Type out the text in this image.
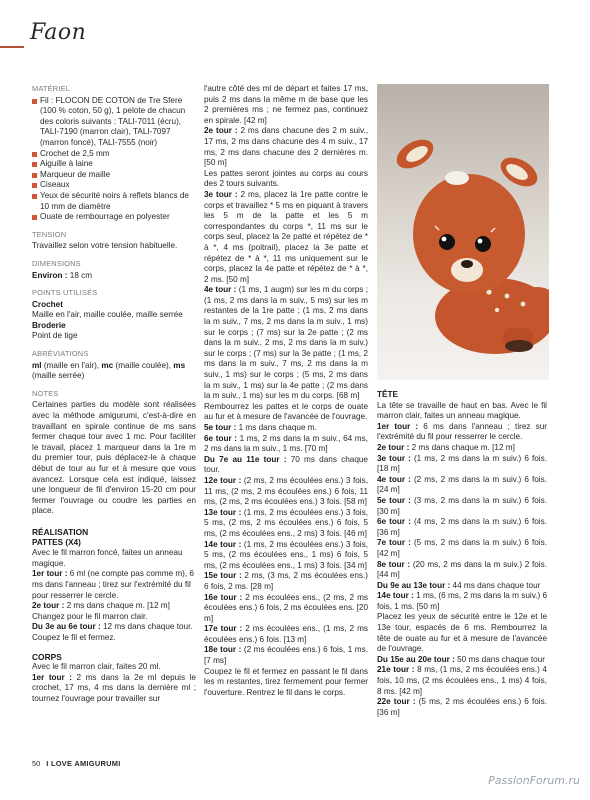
Faon
MATÉRIEL
Fil : FLOCON DE COTON de Tre Sfere (100 % coton, 50 g), 1 pelote de chacun des coloris suivants : TALI-7011 (écru), TALI-7190 (marron clair), TALI-7097 (marron foncé), TALI-7555 (noir)
Crochet de 2,5 mm
Aiguille à laine
Marqueur de maille
Ciseaux
Yeux de sécurité noirs à reflets blancs de 10 mm de diamètre
Ouate de rembourrage en polyester
TENSION
Travaillez selon votre tension habituelle.
DIMENSIONS
Environ : 18 cm
POINTS UTILISÉS
Crochet
Maille en l'air, maille coulée, maille serrée
Broderie
Point de tige
ABRÉVIATIONS
ml (maille en l'air), mc (maille coulée), ms (maille serrée)
NOTES
Certaines parties du modèle sont réalisées avec la méthode amigurumi, c'est-à-dire en travaillant en spirale continue de ms sans fermer chaque tour avec 1 mc. Pour faciliter le travail, placez 1 marqueur dans la 1re m du premier tour, puis déplacez-le à chaque début de tour au fur et à mesure que vous avancez. Lorsque cela est indiqué, laissez une longueur de fil d'environ 15-20 cm pour fermer l'ouvrage ou coudre les parties en place.
RÉALISATION
PATTES (X4)
Avec le fil marron foncé, faites un anneau magique.
1er tour : 6 ml (ne compte pas comme m), 6 ms dans l'anneau ; tirez sur l'extrémité du fil pour resserrer le cercle.
2e tour : 2 ms dans chaque m. [12 m]
Changez pour le fil marron clair.
Du 3e au 6e tour : 12 ms dans chaque tour. Coupez le fil et fermez.
CORPS
Avec le fil marron clair, faites 20 ml.
1er tour : 2 ms dans la 2e ml depuis le crochet, 17 ms, 4 ms dans la dernière ml ; tournez l'ouvrage pour travailler sur
l'autre côté des ml de départ et faites 17 ms, puis 2 ms dans la même m de base que les 2 premières ms ; ne fermez pas, continuez en spirale. [42 m]
2e tour : 2 ms dans chacune des 2 m suiv., 17 ms, 2 ms dans chacune des 4 m suiv., 17 ms, 2 ms dans chacune des 2 dernières m. [50 m]
Les pattes seront jointes au corps au cours des 2 tours suivants.
3e tour : 2 ms, placez la 1re patte contre le corps et travaillez * 5 ms en piquant à travers les 5 m de la patte et les 5 m correspondantes du corps *, 11 ms sur le corps seul, placez la 2e patte et répétez de * à *, 4 ms (poitrail), placez la 3e patte et répétez de * à *, 11 ms uniquement sur le corps, placez la 4e patte et répétez de * à *, 2 ms. [50 m]
4e tour : (1 ms, 1 augm) sur les m du corps ; (1 ms, 2 ms dans la m suiv., 5 ms) sur les m restantes de la 1re patte ; (1 ms, 2 ms dans la m suiv., 7 ms, 2 ms dans la m suiv., 1 ms) sur le corps ; (7 ms) sur la 2e patte ; (2 ms dans la m suiv., 2 ms, 2 ms dans la m suiv.) sur le corps ; (7 ms) sur la 3e patte ; (1 ms, 2 ms dans la m suiv., 7 ms, 2 ms dans la m suiv., 1 ms) sur le corps ; (5 ms, 2 ms dans la m suiv., 1 ms) sur la 4e patte ; (2 ms dans la m suiv., 1 ms) sur les m du corps. [68 m]
Rembourrez les pattes et le corps de ouate au fur et à mesure de l'avancée de l'ouvrage.
5e tour : 1 ms dans chaque m.
6e tour : 1 ms, 2 ms dans la m suiv., 64 ms, 2 ms dans la m suiv., 1 ms. [70 m]
Du 7e au 11e tour : 70 ms dans chaque tour.
12e tour : (2 ms, 2 ms écoulées ens.) 3 fois, 11 ms, (2 ms, 2 ms écoulées ens.) 6 fois, 11 ms, (2 ms, 2 ms écoulées ens.) 3 fois. [58 m]
13e tour : (1 ms, 2 ms écoulées ens.) 3 fois, 5 ms, (2 ms, 2 ms écoulées ens.) 6 fois, 5 ms, (2 ms écoulées ens., 2 ms) 3 fois. [46 m]
14e tour : (1 ms, 2 ms écoulées ens.) 3 fois, 5 ms, (2 ms écoulées ens., 1 ms) 6 fois, 5 ms, (2 ms écoulées ens., 1 ms) 3 fois. [34 m]
15e tour : 2 ms, (3 ms, 2 ms écoulées ens.) 6 fois, 2 ms. [28 m]
16e tour : 2 ms écoulées ens., (2 ms, 2 ms écoulées ens.) 6 fois, 2 ms écoulées ens. [20 m]
17e tour : 2 ms écoulées ens., (1 ms, 2 ms écoulées ens.) 6 fois. [13 m]
18e tour : (2 ms écoulées ens.) 6 fois, 1 ms. [7 ms]
Coupez le fil et fermez en passant le fil dans les m restantes, tirez fermement pour fermer l'ouverture. Rentrez le fil dans le corps.
TÊTE
La tête se travaille de haut en bas. Avec le fil marron clair, faites un anneau magique.
1er tour : 6 ms dans l'anneau ; tirez sur l'extrémité du fil pour resserrer le cercle.
2e tour : 2 ms dans chaque m. [12 m]
3e tour : (1 ms, 2 ms dans la m suiv.) 6 fois. [18 m]
4e tour : (2 ms, 2 ms dans la m suiv.) 6 fois. [24 m]
5e tour : (3 ms, 2 ms dans la m suiv.) 6 fois. [30 m]
6e tour : (4 ms, 2 ms dans la m suiv.) 6 fois. [36 m]
7e tour : (5 ms, 2 ms dans la m suiv.) 6 fois. [42 m]
8e tour : (20 ms, 2 ms dans la m suiv.) 2 fois. [44 m]
Du 9e au 13e tour : 44 ms dans chaque tour
14e tour : 1 ms, (6 ms, 2 ms dans la m suiv.) 6 fois, 1 ms. [50 m]
Placez les yeux de sécurité entre le 12e et le 13e tour, espacés de 6 ms. Rembourrez la tête de ouate au fur et à mesure de l'avancée de l'ouvrage.
Du 15e au 20e tour : 50 ms dans chaque tour
21e tour : 8 ms, (1 ms, 2 ms écoulées ens.) 4 fois, 10 ms, (2 ms écoulées ens., 1 ms) 4 fois, 8 ms. [42 m]
22e tour : (5 ms, 2 ms écoulées ens.) 6 fois. [36 m]
50 I LOVE AMIGURUMI
PassionForum.ru
